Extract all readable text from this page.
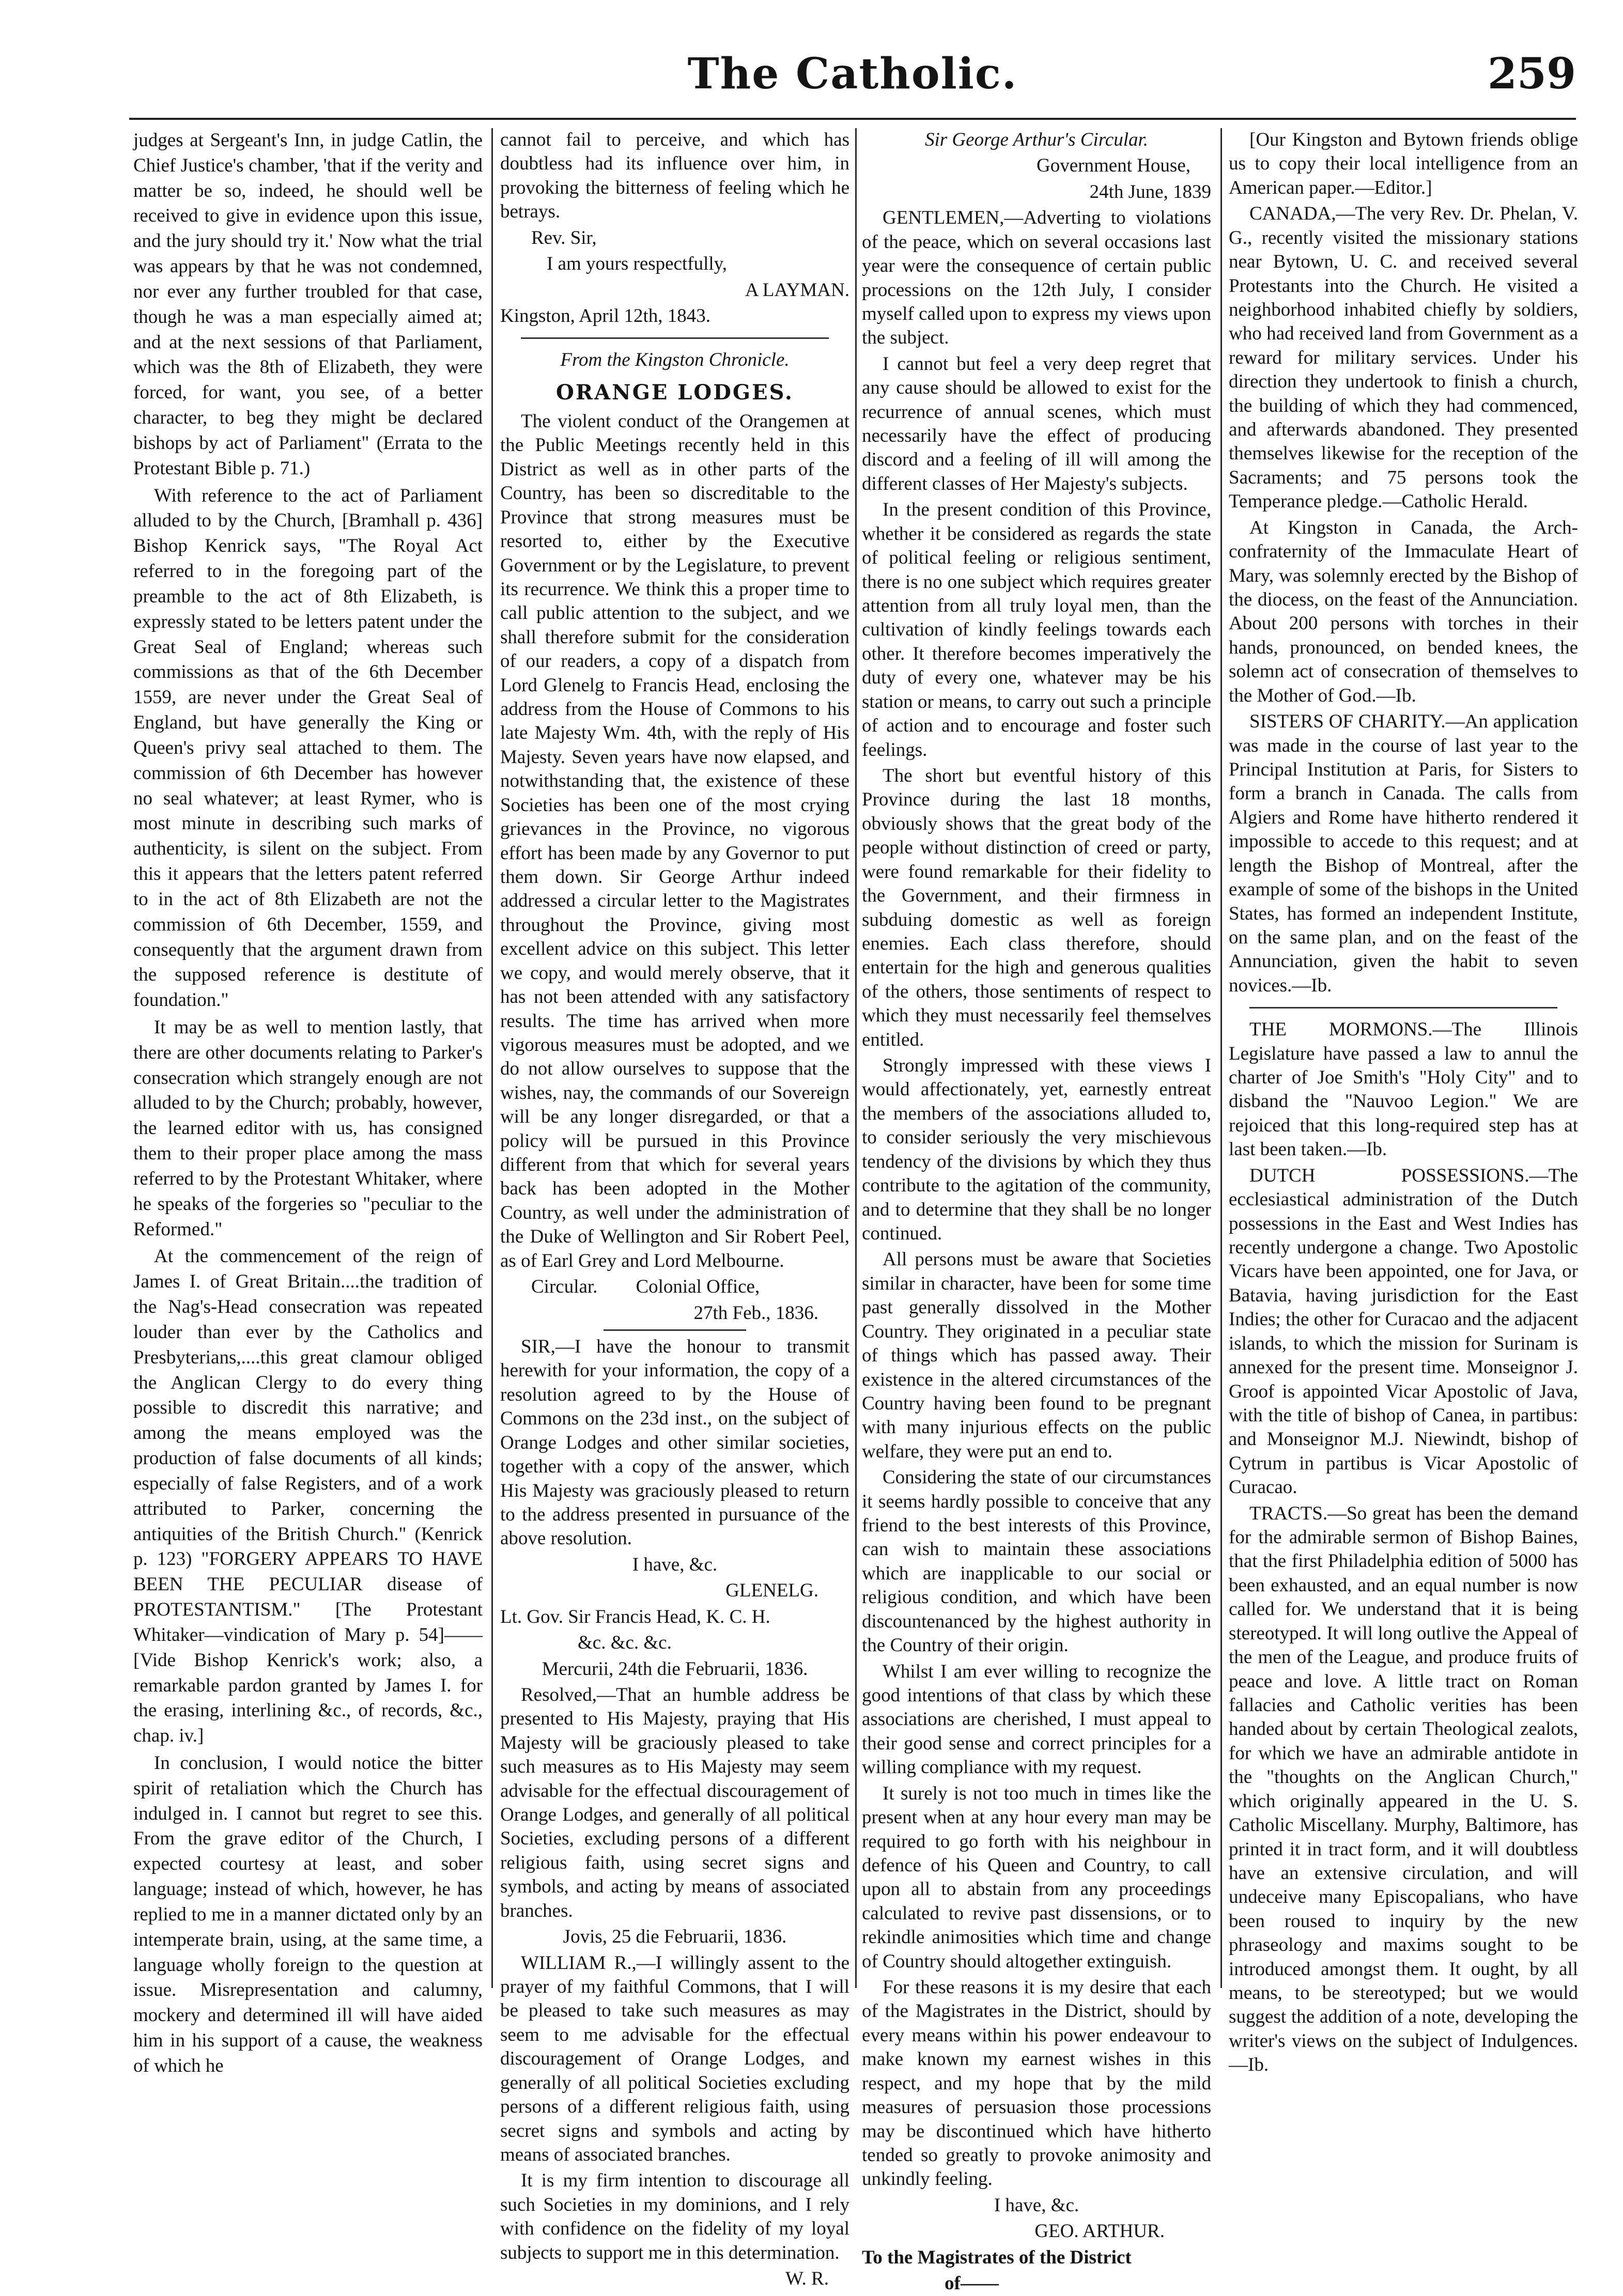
The Catholic.	259

judges at Sergeant's Inn, in judge Catlin, the Chief Justice's chamber, 'that if the verity and matter be so, indeed, he should well be received to give in evidence upon this issue, and the jury should try it.' Now what the trial was appears by that he was not condemned, nor ever any further troubled for that case, though he was a man especially aimed at; and at the next sessions of that Parliament, which was the 8th of Elizabeth, they were forced, for want, you see, of a better character, to beg they might be declared bishops by act of Parliament" (Errata to the Protestant Bible p. 71.)

With reference to the act of Parliament alluded to by the Church, [Bramhall p. 436] Bishop Kenrick says, "The Royal Act referred to in the foregoing part of the preamble to the act of 8th Elizabeth, is expressly stated to be letters patent under the Great Seal of England; whereas such commissions as that of the 6th December 1559, are never under the Great Seal of England, but have generally the King or Queen's privy seal attached to them. The commission of 6th December has however no seal whatever; at least Rymer, who is most minute in describing such marks of authenticity, is silent on the subject. From this it appears that the letters patent referred to in the act of 8th Elizabeth are not the commission of 6th December, 1559, and consequently that the argument drawn from the supposed reference is destitute of foundation."

It may be as well to mention lastly, that there are other documents relating to Parker's consecration which strangely enough are not alluded to by the Church; probably, however, the learned editor with us, has consigned them to their proper place among the mass referred to by the Protestant Whitaker, where he speaks of the forgeries so "peculiar to the Reformed."

At the commencement of the reign of James I. of Great Britain....the tradition of the Nag's-Head consecration was repeated louder than ever by the Catholics and Presbyterians,....this great clamour obliged the Anglican Clergy to do every thing possible to discredit this narrative; and among the means employed was the production of false documents of all kinds; especially of false Registers, and of a work attributed to Parker, concerning the antiquities of the British Church." (Kenrick p. 123) "FORGERY APPEARS TO HAVE BEEN THE PECULIAR disease of PROTESTANTISM." [The Protestant Whitaker—vindication of Mary p. 54]——[Vide Bishop Kenrick's work; also, a remarkable pardon granted by James I. for the erasing, interlining &c., of records, &c., chap. iv.]

In conclusion, I would notice the bitter spirit of retaliation which the Church has indulged in. I cannot but regret to see this. From the grave editor of the Church, I expected courtesy at least, and sober language; instead of which, however, he has replied to me in a manner dictated only by an intemperate brain, using, at the same time, a language wholly foreign to the question at issue. Misrepresentation and calumny, mockery and determined ill will have aided him in his support of a cause, the weakness of which he

cannot fail to perceive, and which has doubtless had its influence over him, in provoking the bitterness of feeling which he betrays.

Rev. Sir,

I am yours respectfully,

A LAYMAN.

Kingston, April 12th, 1843.

From the Kingston Chronicle.

ORANGE LODGES.

The violent conduct of the Orangemen at the Public Meetings recently held in this District as well as in other parts of the Country, has been so discreditable to the Province that strong measures must be resorted to, either by the Executive Government or by the Legislature, to prevent its recurrence. We think this a proper time to call public attention to the subject, and we shall therefore submit for the consideration of our readers, a copy of a dispatch from Lord Glenelg to Francis Head, enclosing the address from the House of Commons to his late Majesty Wm. 4th, with the reply of His Majesty. Seven years have now elapsed, and notwithstanding that, the existence of these Societies has been one of the most crying grievances in the Province, no vigorous effort has been made by any Governor to put them down. Sir George Arthur indeed addressed a circular letter to the Magistrates throughout the Province, giving most excellent advice on this subject. This letter we copy, and would merely observe, that it has not been attended with any satisfactory results. The time has arrived when more vigorous measures must be adopted, and we do not allow ourselves to suppose that the wishes, nay, the commands of our Sovereign will be any longer disregarded, or that a policy will be pursued in this Province different from that which for several years back has been adopted in the Mother Country, as well under the administration of the Duke of Wellington and Sir Robert Peel, as of Earl Grey and Lord Melbourne.

Circular. Colonial Office,

27th Feb., 1836.

SIR,—I have the honour to transmit herewith for your information, the copy of a resolution agreed to by the House of Commons on the 23d inst., on the subject of Orange Lodges and other similar societies, together with a copy of the answer, which His Majesty was graciously pleased to return to the address presented in pursuance of the above resolution.

I have, &c.

GLENELG.

Lt. Gov. Sir Francis Head, K. C. H.

&c. &c. &c.

Mercurii, 24th die Februarii, 1836.

Resolved,—That an humble address be presented to His Majesty, praying that His Majesty will be graciously pleased to take such measures as to His Majesty may seem advisable for the effectual discouragement of Orange Lodges, and generally of all political Societies, excluding persons of a different religious faith, using secret signs and symbols, and acting by means of associated branches.

Jovis, 25 die Februarii, 1836.

WILLIAM R.,—I willingly assent to the prayer of my faithful Commons, that I will be pleased to take such measures as may seem to me advisable for the effectual discouragement of Orange Lodges, and generally of all political Societies excluding persons of a different religious faith, using secret signs and symbols and acting by means of associated branches.

It is my firm intention to discourage all such Societies in my dominions, and I rely with confidence on the fidelity of my loyal subjects to support me in this determination.

W. R.

Sir George Arthur's Circular.

Government House,

24th June, 1839

GENTLEMEN,—Adverting to violations of the peace, which on several occasions last year were the consequence of certain public processions on the 12th July, I consider myself called upon to express my views upon the subject.

I cannot but feel a very deep regret that any cause should be allowed to exist for the recurrence of annual scenes, which must necessarily have the effect of producing discord and a feeling of ill will among the different classes of Her Majesty's subjects.

In the present condition of this Province, whether it be considered as regards the state of political feeling or religious sentiment, there is no one subject which requires greater attention from all truly loyal men, than the cultivation of kindly feelings towards each other. It therefore becomes imperatively the duty of every one, whatever may be his station or means, to carry out such a principle of action and to encourage and foster such feelings.

The short but eventful history of this Province during the last 18 months, obviously shows that the great body of the people without distinction of creed or party, were found remarkable for their fidelity to the Government, and their firmness in subduing domestic as well as foreign enemies. Each class therefore, should entertain for the high and generous qualities of the others, those sentiments of respect to which they must necessarily feel themselves entitled.

Strongly impressed with these views I would affectionately, yet, earnestly entreat the members of the associations alluded to, to consider seriously the very mischievous tendency of the divisions by which they thus contribute to the agitation of the community, and to determine that they shall be no longer continued.

All persons must be aware that Societies similar in character, have been for some time past generally dissolved in the Mother Country. They originated in a peculiar state of things which has passed away. Their existence in the altered circumstances of the Country having been found to be pregnant with many injurious effects on the public welfare, they were put an end to.

Considering the state of our circumstances it seems hardly possible to conceive that any friend to the best interests of this Province, can wish to maintain these associations which are inapplicable to our social or religious condition, and which have been discountenanced by the highest authority in the Country of their origin.

Whilst I am ever willing to recognize the good intentions of that class by which these associations are cherished, I must appeal to their good sense and correct principles for a willing compliance with my request.

It surely is not too much in times like the present when at any hour every man may be required to go forth with his neighbour in defence of his Queen and Country, to call upon all to abstain from any proceedings calculated to revive past dissensions, or to rekindle animosities which time and change of Country should altogether extinguish.

For these reasons it is my desire that each of the Magistrates in the District, should by every means within his power endeavour to make known my earnest wishes in this respect, and my hope that by the mild measures of persuasion those processions may be discontinued which have hitherto tended so greatly to provoke animosity and unkindly feeling.

I have, &c.

GEO. ARTHUR.

To the Magistrates of the District

of——

[Our Kingston and Bytown friends oblige us to copy their local intelligence from an American paper.—Editor.]

CANADA,—The very Rev. Dr. Phelan, V. G., recently visited the missionary stations near Bytown, U. C. and received several Protestants into the Church. He visited a neighborhood inhabited chiefly by soldiers, who had received land from Government as a reward for military services. Under his direction they undertook to finish a church, the building of which they had commenced, and afterwards abandoned. They presented themselves likewise for the reception of the Sacraments; and 75 persons took the Temperance pledge.—Catholic Herald.

At Kingston in Canada, the Arch-confraternity of the Immaculate Heart of Mary, was solemnly erected by the Bishop of the diocess, on the feast of the Annunciation. About 200 persons with torches in their hands, pronounced, on bended knees, the solemn act of consecration of themselves to the Mother of God.—Ib.

SISTERS OF CHARITY.—An application was made in the course of last year to the Principal Institution at Paris, for Sisters to form a branch in Canada. The calls from Algiers and Rome have hitherto rendered it impossible to accede to this request; and at length the Bishop of Montreal, after the example of some of the bishops in the United States, has formed an independent Institute, on the same plan, and on the feast of the Annunciation, given the habit to seven novices.—Ib.

THE MORMONS.—The Illinois Legislature have passed a law to annul the charter of Joe Smith's "Holy City" and to disband the "Nauvoo Legion." We are rejoiced that this long-required step has at last been taken.—Ib.

DUTCH POSSESSIONS.—The ecclesiastical administration of the Dutch possessions in the East and West Indies has recently undergone a change. Two Apostolic Vicars have been appointed, one for Java, or Batavia, having jurisdiction for the East Indies; the other for Curacao and the adjacent islands, to which the mission for Surinam is annexed for the present time. Monseignor J. Groof is appointed Vicar Apostolic of Java, with the title of bishop of Canea, in partibus: and Monseignor M.J. Niewindt, bishop of Cytrum in partibus is Vicar Apostolic of Curacao.

TRACTS.—So great has been the demand for the admirable sermon of Bishop Baines, that the first Philadelphia edition of 5000 has been exhausted, and an equal number is now called for. We understand that it is being stereotyped. It will long outlive the Appeal of the men of the League, and produce fruits of peace and love. A little tract on Roman fallacies and Catholic verities has been handed about by certain Theological zealots, for which we have an admirable antidote in the "thoughts on the Anglican Church," which originally appeared in the U. S. Catholic Miscellany. Murphy, Baltimore, has printed it in tract form, and it will doubtless have an extensive circulation, and will undeceive many Episcopalians, who have been roused to inquiry by the new phraseology and maxims sought to be introduced amongst them. It ought, by all means, to be stereotyped; but we would suggest the addition of a note, developing the writer's views on the subject of Indulgences.—Ib.
